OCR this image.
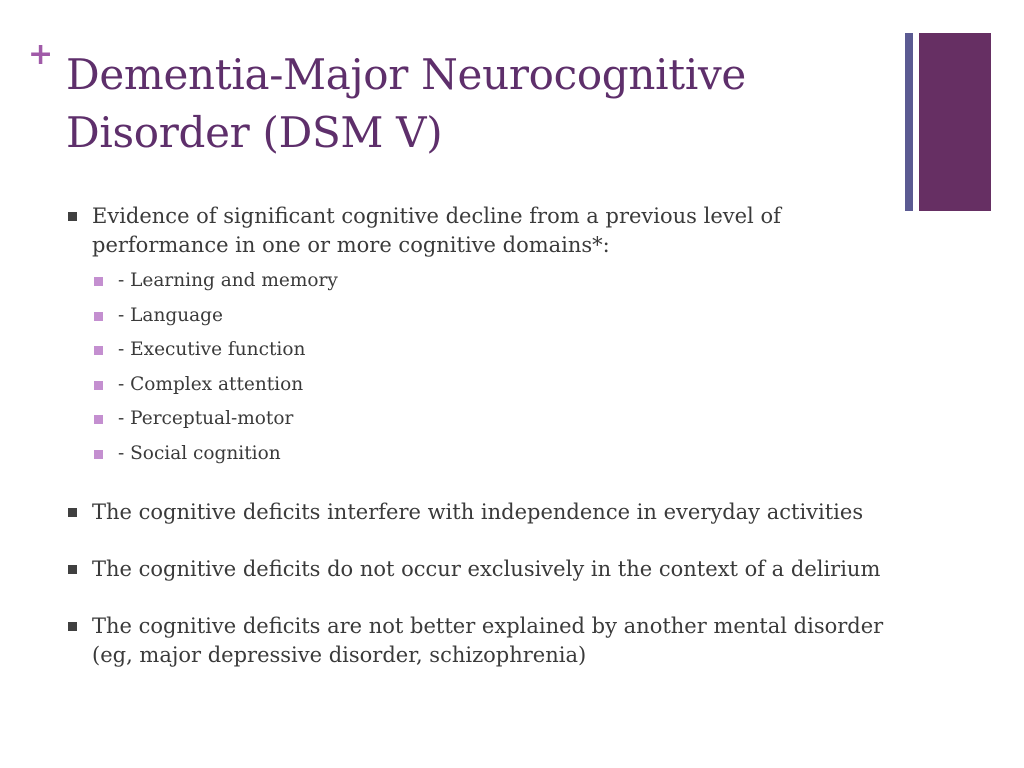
+ Dementia-Major Neurocognitive Disorder (DSM V)
Evidence of significant cognitive decline from a previous level of performance in one or more cognitive domains*:
- Learning and memory
- Language
- Executive function
- Complex attention
- Perceptual-motor
- Social cognition
The cognitive deficits interfere with independence in everyday activities
The cognitive deficits do not occur exclusively in the context of a delirium
The cognitive deficits are not better explained by another mental disorder (eg, major depressive disorder, schizophrenia)
